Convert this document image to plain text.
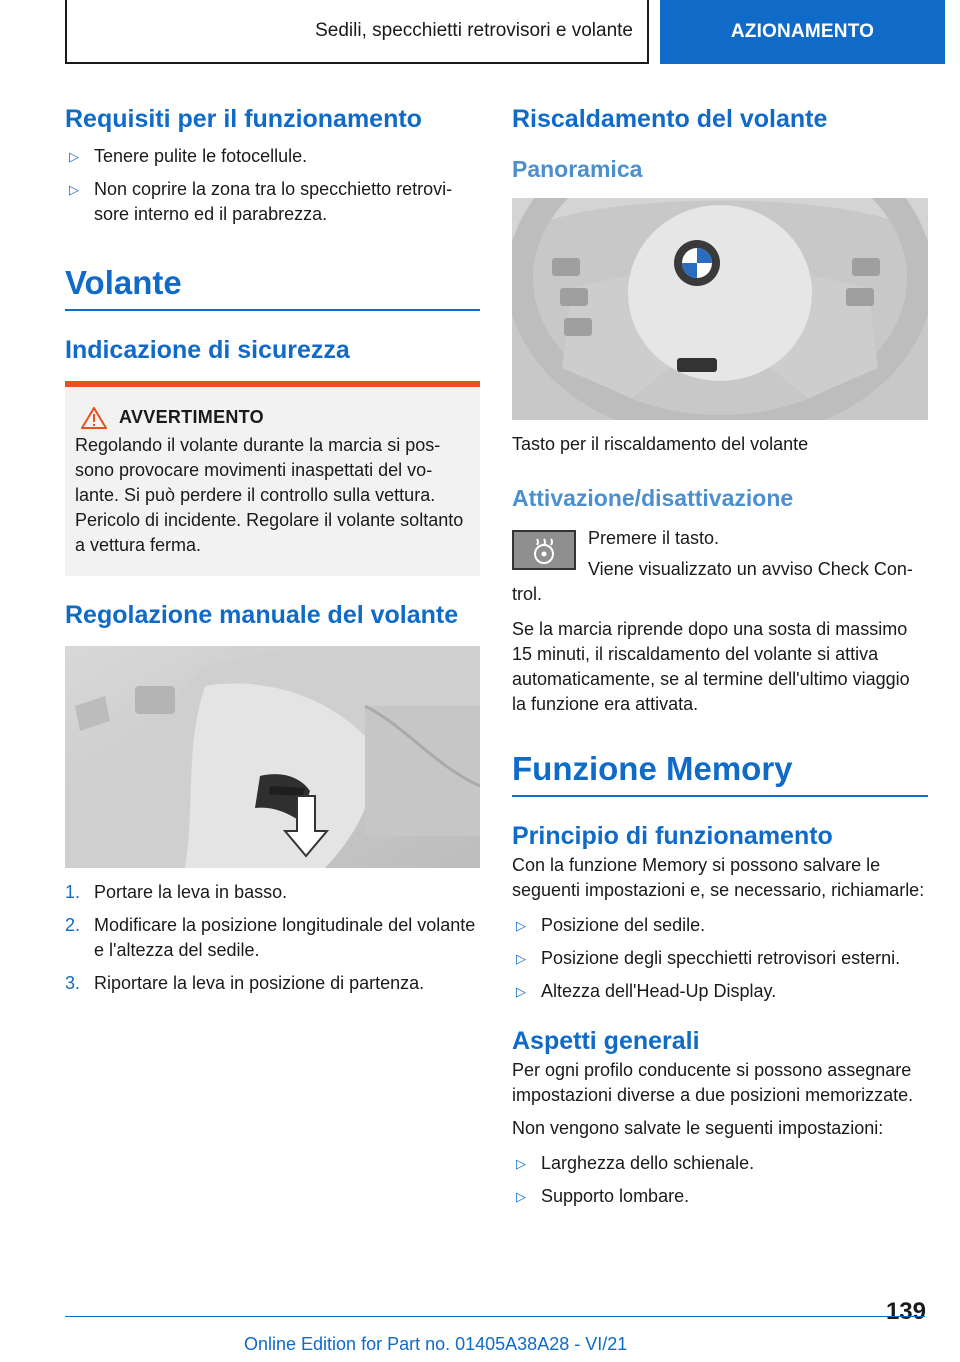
Sedili, specchietti retrovisori e volante	AZIONAMENTO
Requisiti per il funzionamento
▷ Tenere pulite le fotocellule.
▷ Non coprire la zona tra lo specchietto retrovisore interno ed il parabrezza.
Volante
Indicazione di sicurezza
AVVERTIMENTO

Regolando il volante durante la marcia si possono provocare movimenti inaspettati del volante. Si può perdere il controllo sulla vettura. Pericolo di incidente. Regolare il volante soltanto a vettura ferma.

Regolazione manuale del volante
1. Portare la leva in basso.
2. Modificare la posizione longitudinale del volante e l'altezza del sedile.
3. Riportare la leva in posizione di partenza.
Riscaldamento del volante
Panoramica

Tasto per il riscaldamento del volante

Attivazione/disattivazione

Premere il tasto.

Viene visualizzato un avviso Check Control.

Se la marcia riprende dopo una sosta di massimo 15 minuti, il riscaldamento del volante si attiva automaticamente, se al termine dell'ultimo viaggio la funzione era attivata.

Funzione Memory
Principio di funzionamento

Con la funzione Memory si possono salvare le seguenti impostazioni e, se necessario, richiamarle:

▷ Posizione del sedile.
▷ Posizione degli specchietti retrovisori esterni.
▷ Altezza dell'Head-Up Display.
Aspetti generali

Per ogni profilo conducente si possono assegnare impostazioni diverse a due posizioni memorizzate.

Non vengono salvate le seguenti impostazioni:

▷ Larghezza dello schienale.
▷ Supporto lombare.
139
Online Edition for Part no. 01405A38A28 - VI/21
